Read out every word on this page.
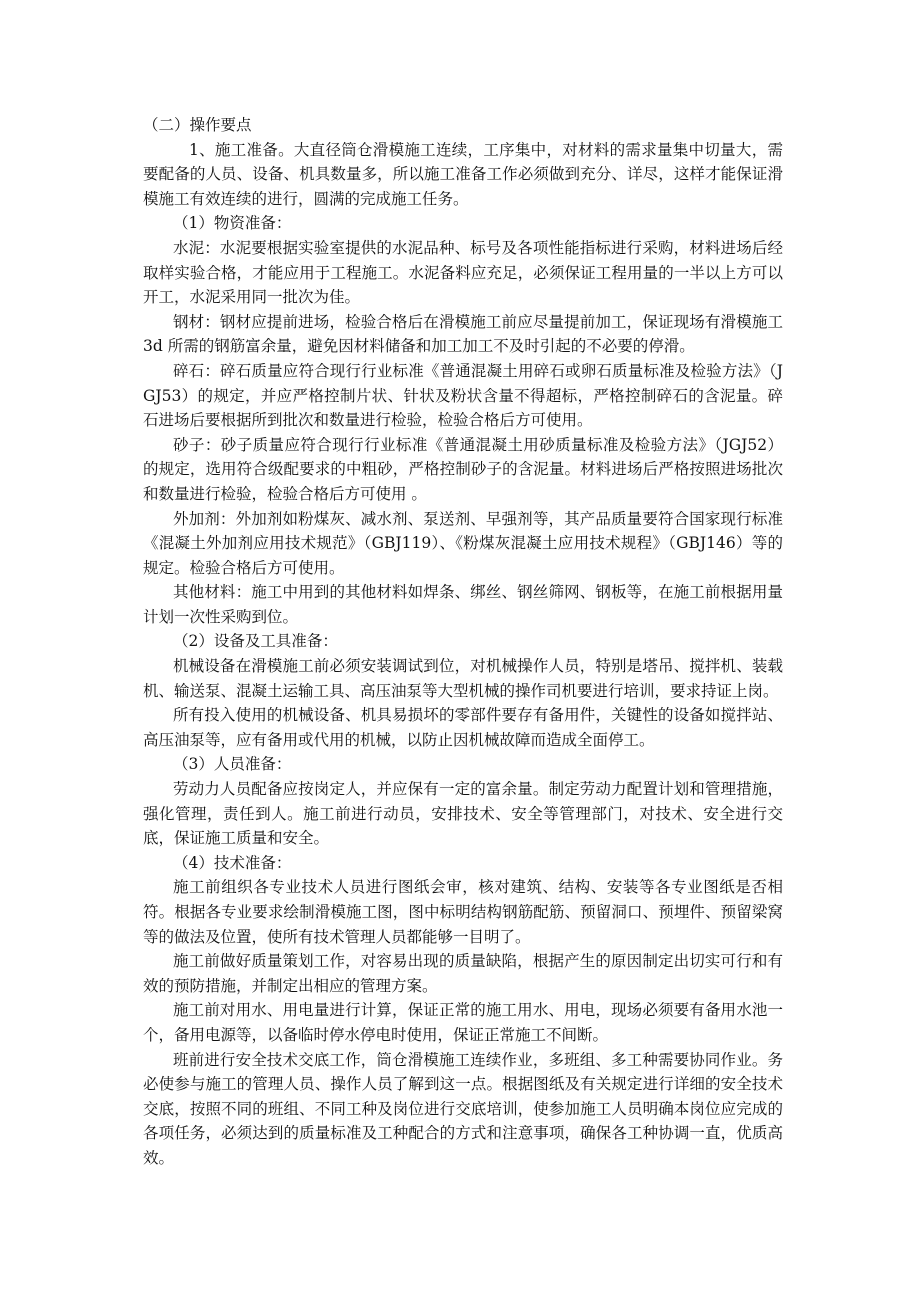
（二）操作要点

1、施工准备。大直径筒仓滑模施工连续，工序集中，对材料的需求量集中切量大，需要配备的人员、设备、机具数量多，所以施工准备工作必须做到充分、详尽，这样才能保证滑模施工有效连续的进行，圆满的完成施工任务。

（1）物资准备：

水泥：水泥要根据实验室提供的水泥品种、标号及各项性能指标进行采购，材料进场后经取样实验合格，才能应用于工程施工。水泥备料应充足，必须保证工程用量的一半以上方可以开工，水泥采用同一批次为佳。

钢材：钢材应提前进场，检验合格后在滑模施工前应尽量提前加工，保证现场有滑模施工 3d 所需的钢筋富余量，避免因材料储备和加工加工不及时引起的不必要的停滑。

碎石：碎石质量应符合现行行业标准《普通混凝土用碎石或卵石质量标准及检验方法》（JGJ53）的规定，并应严格控制片状、针状及粉状含量不得超标，严格控制碎石的含泥量。碎石进场后要根据所到批次和数量进行检验，检验合格后方可使用。

砂子：砂子质量应符合现行行业标准《普通混凝土用砂质量标准及检验方法》（JGJ52）的规定，选用符合级配要求的中粗砂，严格控制砂子的含泥量。材料进场后严格按照进场批次和数量进行检验，检验合格后方可使用 。

外加剂：外加剂如粉煤灰、减水剂、泵送剂、早强剂等，其产品质量要符合国家现行标准《混凝土外加剂应用技术规范》（GBJ119）、《粉煤灰混凝土应用技术规程》（GBJ146）等的规定。检验合格后方可使用。

其他材料：施工中用到的其他材料如焊条、绑丝、钢丝筛网、钢板等，在施工前根据用量计划一次性采购到位。

（2）设备及工具准备：

机械设备在滑模施工前必须安装调试到位，对机械操作人员，特别是塔吊、搅拌机、装载机、输送泵、混凝土运输工具、高压油泵等大型机械的操作司机要进行培训，要求持证上岗。

所有投入使用的机械设备、机具易损坏的零部件要存有备用件，关键性的设备如搅拌站、高压油泵等，应有备用或代用的机械，以防止因机械故障而造成全面停工。

（3）人员准备：

劳动力人员配备应按岗定人，并应保有一定的富余量。制定劳动力配置计划和管理措施，强化管理，责任到人。施工前进行动员，安排技术、安全等管理部门，对技术、安全进行交底，保证施工质量和安全。

（4）技术准备：

施工前组织各专业技术人员进行图纸会审，核对建筑、结构、安装等各专业图纸是否相符。根据各专业要求绘制滑模施工图，图中标明结构钢筋配筋、预留洞口、预埋件、预留梁窝等的做法及位置，使所有技术管理人员都能够一目明了。

施工前做好质量策划工作，对容易出现的质量缺陷，根据产生的原因制定出切实可行和有效的预防措施，并制定出相应的管理方案。

施工前对用水、用电量进行计算，保证正常的施工用水、用电，现场必须要有备用水池一个，备用电源等，以备临时停水停电时使用，保证正常施工不间断。

班前进行安全技术交底工作，筒仓滑模施工连续作业，多班组、多工种需要协同作业。务必使参与施工的管理人员、操作人员了解到这一点。根据图纸及有关规定进行详细的安全技术交底，按照不同的班组、不同工种及岗位进行交底培训，使参加施工人员明确本岗位应完成的各项任务，必须达到的质量标准及工种配合的方式和注意事项，确保各工种协调一直，优质高效。
